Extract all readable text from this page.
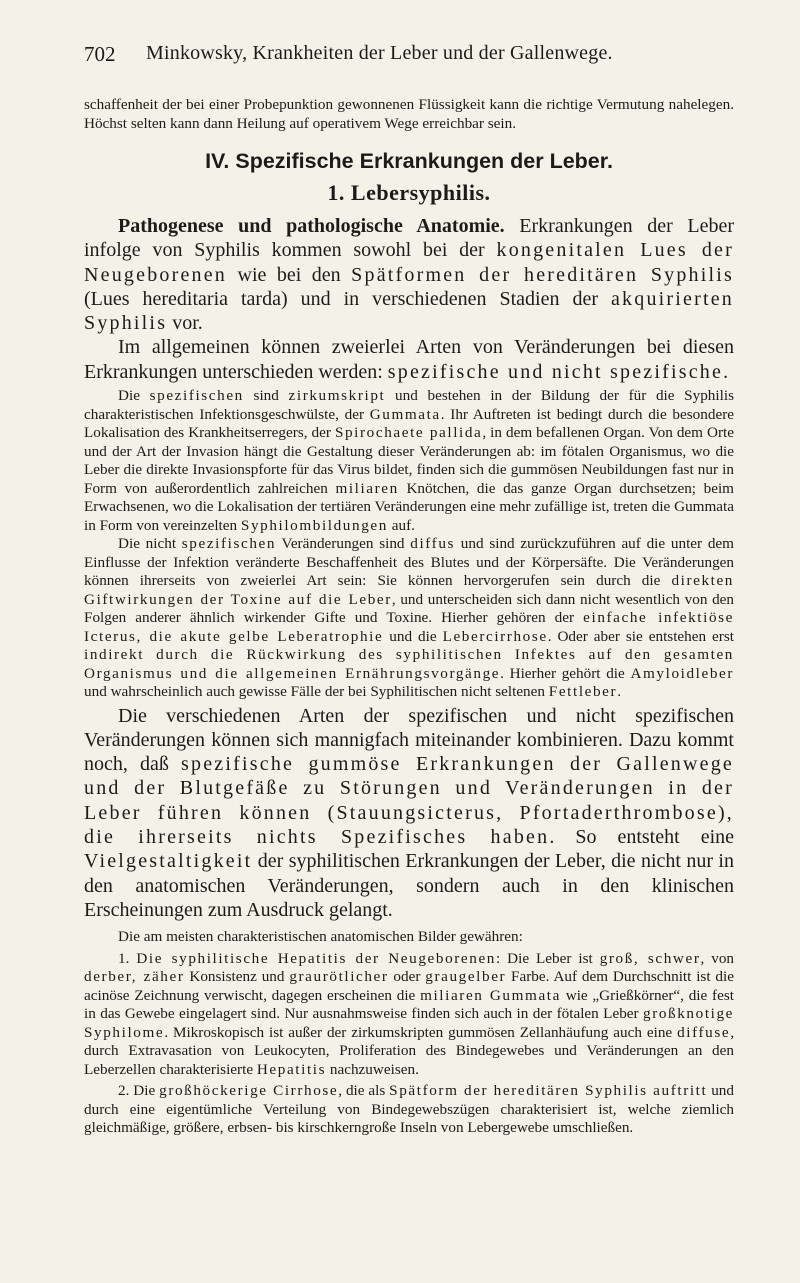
702 Minkowsky, Krankheiten der Leber und der Gallenwege.

schaffenheit der bei einer Probepunktion gewonnenen Flüssigkeit kann die richtige Vermutung nahelegen. Höchst selten kann dann Heilung auf operativem Wege erreichbar sein.

IV. Spezifische Erkrankungen der Leber.
1. Lebersyphilis.

Pathogenese und pathologische Anatomie. Erkrankungen der Leber infolge von Syphilis kommen sowohl bei der kongenitalen Lues der Neugeborenen wie bei den Spätformen der hereditären Syphilis (Lues hereditaria tarda) und in verschiedenen Stadien der akquirierten Syphilis vor.

Im allgemeinen können zweierlei Arten von Veränderungen bei diesen Erkrankungen unterschieden werden: spezifische und nicht spezifische.

Die spezifischen sind zirkumskript und bestehen in der Bildung der für die Syphilis charakteristischen Infektionsgeschwülste, der Gummata. Ihr Auftreten ist bedingt durch die besondere Lokalisation des Krankheitserregers, der Spirochaete pallida, in dem befallenen Organ. Von dem Orte und der Art der Invasion hängt die Gestaltung dieser Veränderungen ab: im fötalen Organismus, wo die Leber die direkte Invasionspforte für das Virus bildet, finden sich die gummösen Neubildungen fast nur in Form von außerordentlich zahlreichen miliaren Knötchen, die das ganze Organ durchsetzen; beim Erwachsenen, wo die Lokalisation der tertiären Veränderungen eine mehr zufällige ist, treten die Gummata in Form von vereinzelten Syphilombildungen auf.

Die nicht spezifischen Veränderungen sind diffus und sind zurückzuführen auf die unter dem Einflusse der Infektion veränderte Beschaffenheit des Blutes und der Körpersäfte. Die Veränderungen können ihrerseits von zweierlei Art sein: Sie können hervorgerufen sein durch die direkten Giftwirkungen der Toxine auf die Leber, und unterscheiden sich dann nicht wesentlich von den Folgen anderer ähnlich wirkender Gifte und Toxine. Hierher gehören der einfache infektiöse Icterus, die akute gelbe Leberatrophie und die Lebercirrhose. Oder aber sie entstehen erst indirekt durch die Rückwirkung des syphilitischen Infektes auf den gesamten Organismus und die allgemeinen Ernährungsvorgänge. Hierher gehört die Amyloidleber und wahrscheinlich auch gewisse Fälle der bei Syphilitischen nicht seltenen Fettleber.

Die verschiedenen Arten der spezifischen und nicht spezifischen Veränderungen können sich mannigfach miteinander kombinieren. Dazu kommt noch, daß spezifische gummöse Erkrankungen der Gallenwege und der Blutgefäße zu Störungen und Veränderungen in der Leber führen können (Stauungsicterus, Pfortaderthrombose), die ihrerseits nichts Spezifisches haben. So entsteht eine Vielgestaltigkeit der syphilitischen Erkrankungen der Leber, die nicht nur in den anatomischen Veränderungen, sondern auch in den klinischen Erscheinungen zum Ausdruck gelangt.

Die am meisten charakteristischen anatomischen Bilder gewähren:

1. Die syphilitische Hepatitis der Neugeborenen: Die Leber ist groß, schwer, von derber, zäher Konsistenz und graurötlicher oder graugelber Farbe. Auf dem Durchschnitt ist die acinöse Zeichnung verwischt, dagegen erscheinen die miliaren Gummata wie „Grießkörner“, die fest in das Gewebe eingelagert sind. Nur ausnahmsweise finden sich auch in der fötalen Leber großknotige Syphilome. Mikroskopisch ist außer der zirkumskripten gummösen Zellanhäufung auch eine diffuse, durch Extravasation von Leukocyten, Proliferation des Bindegewebes und Veränderungen an den Leberzellen charakterisierte Hepatitis nachzuweisen.

2. Die großhöckerige Cirrhose, die als Spätform der hereditären Syphilis auftritt und durch eine eigentümliche Verteilung von Bindegewebszügen charakterisiert ist, welche ziemlich gleichmäßige, größere, erbsen- bis kirschkerngroße Inseln von Lebergewebe umschließen.
